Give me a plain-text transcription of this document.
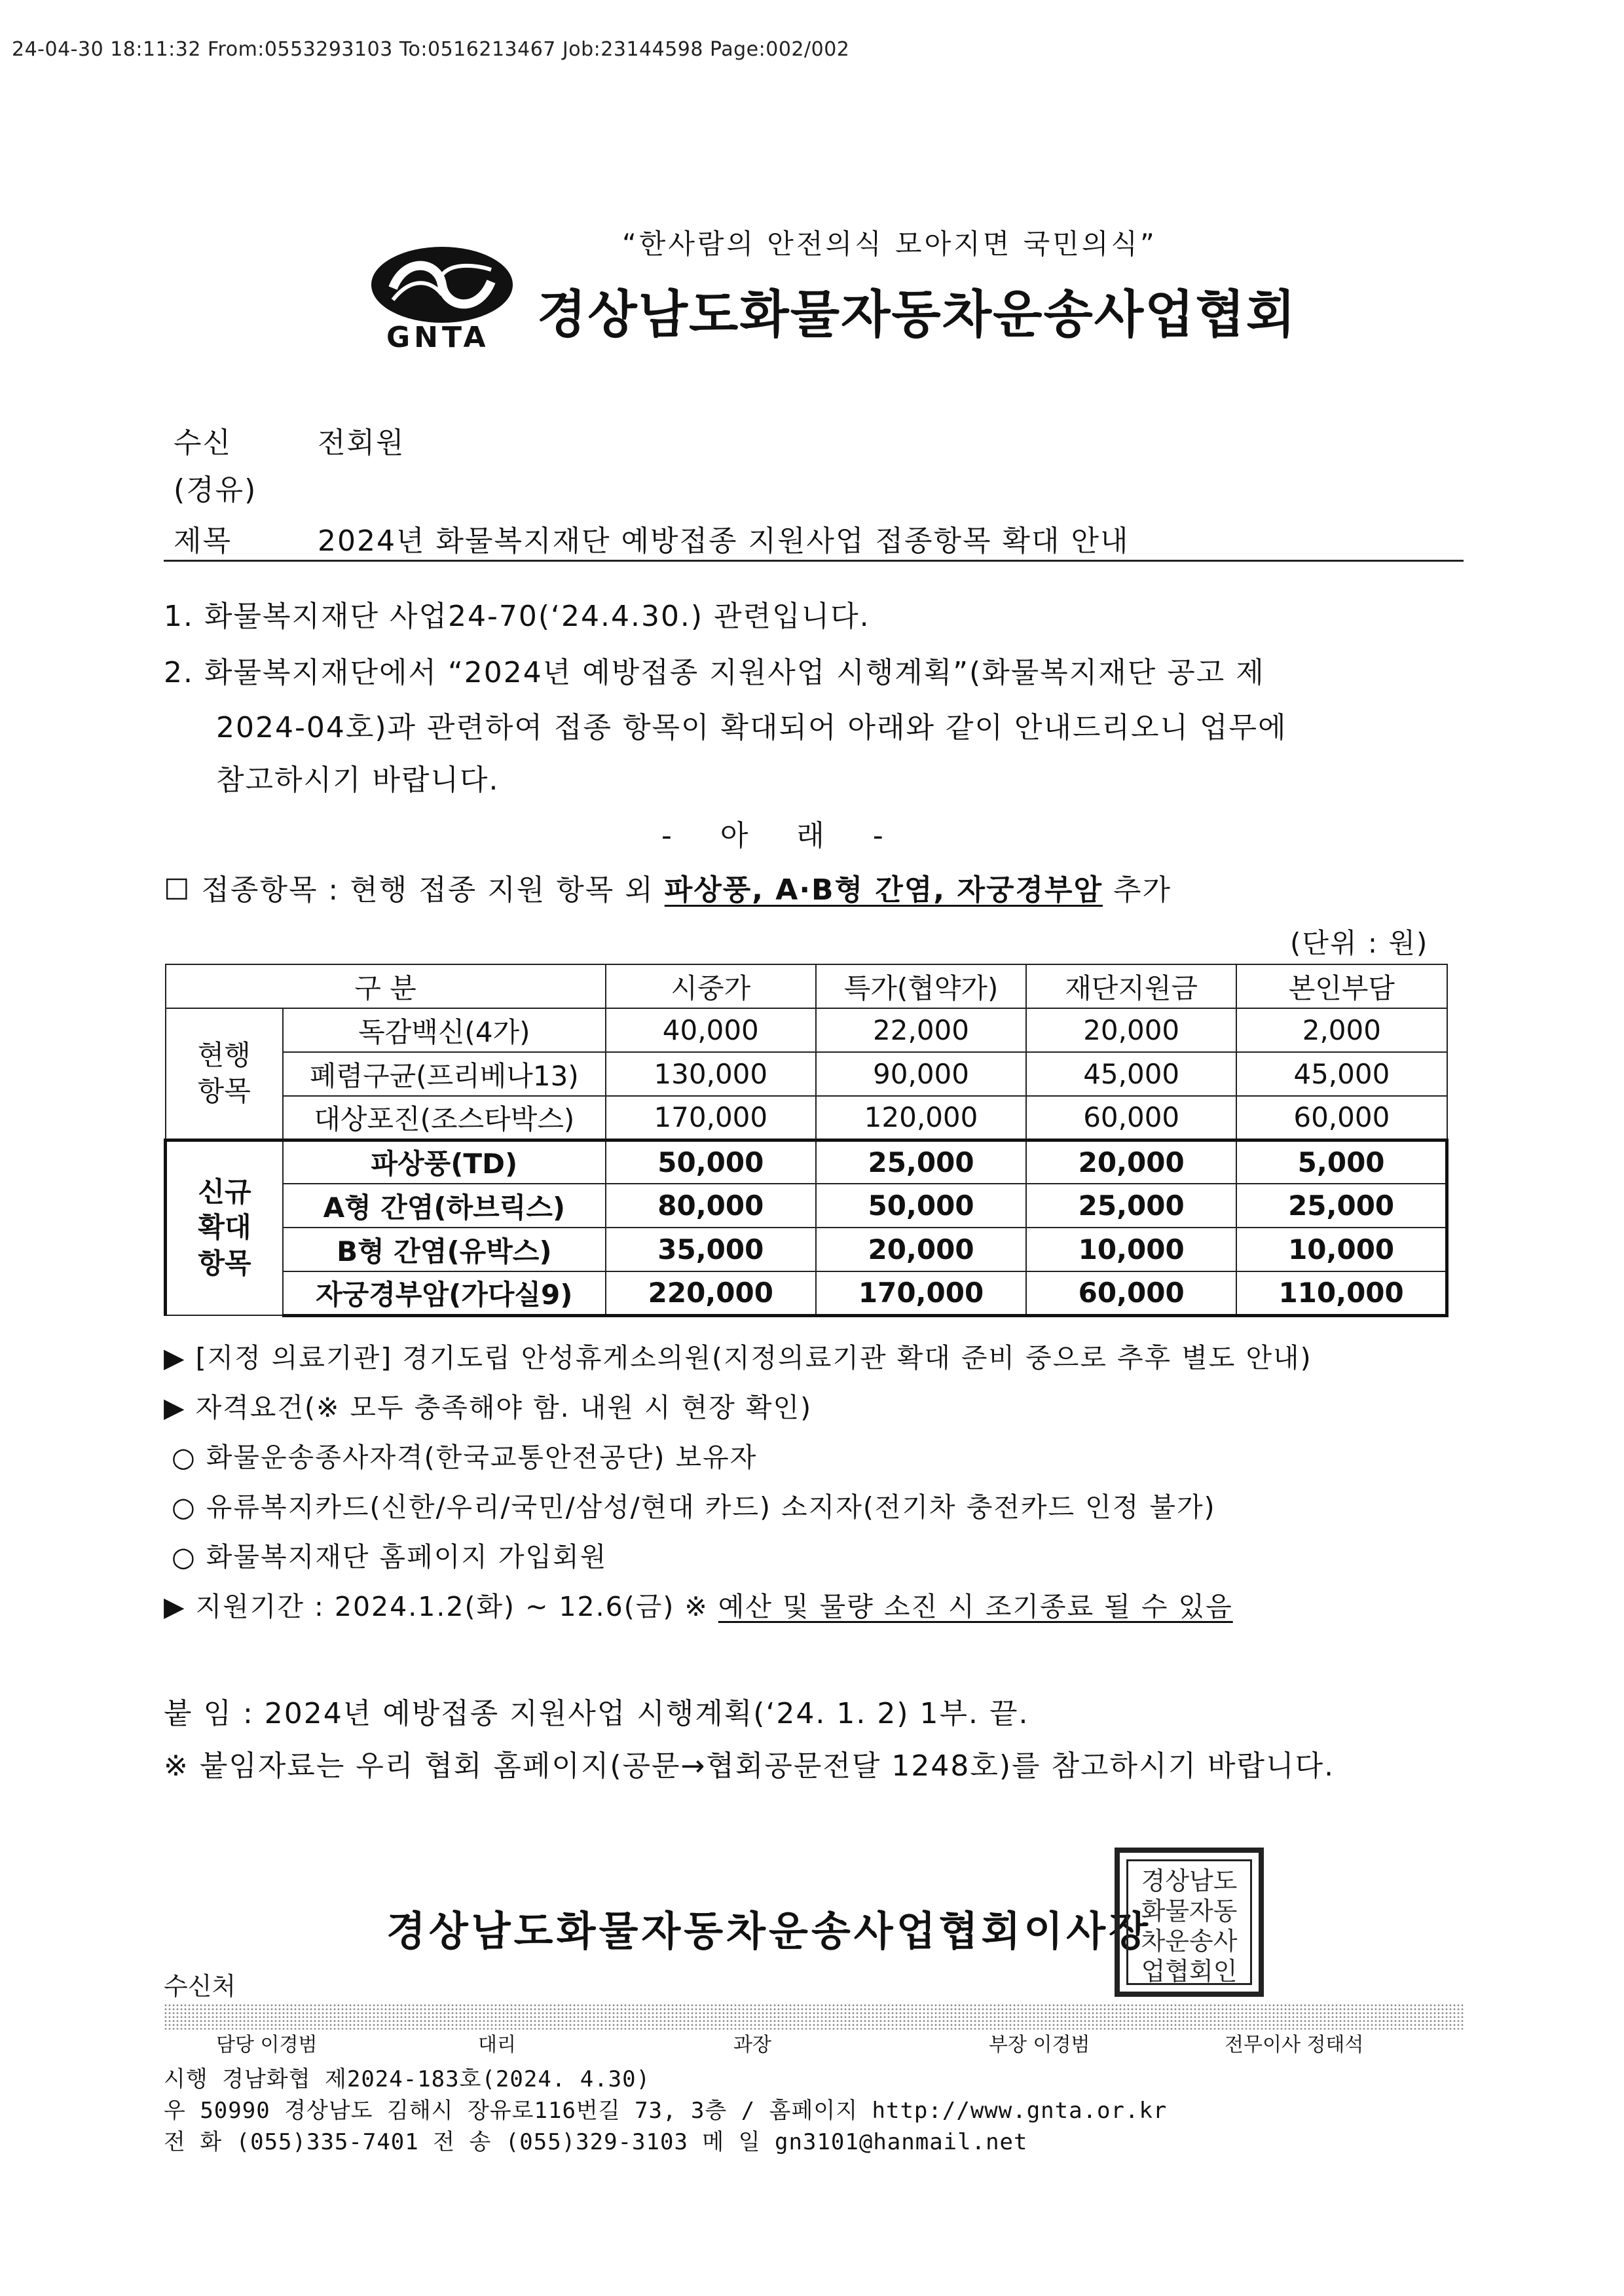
24-04-30 18:11:32 From:0553293103 To:0516213467 Job:23144598 Page:002/002
“한사람의 안전의식 모아지면 국민의식”
GNTA 경상남도화물자동차운송사업협회
수신	전회원
(경유)
제목	2024년 화물복지재단 예방접종 지원사업 접종항목 확대 안내
1. 화물복지재단 사업24-70(‘24.4.30.) 관련입니다.
2. 화물복지재단에서 “2024년 예방접종 지원사업 시행계획”(화물복지재단 공고 제
2024-04호)과 관련하여 접종 항목이 확대되어 아래와 같이 안내드리오니 업무에
참고하시기 바랍니다.
- 아 래 -
☐ 접종항목 : 현행 접종 지원 항목 외 파상풍, A·B형 간염, 자궁경부암 추가
(단위 : 원)
구 분		시중가	특가(협약가)	재단지원금	본인부담

현행 항목	독감백신(4가)	40,000	22,000	20,000	2,000
	폐렴구균(프리베나13)	130,000	90,000	45,000	45,000
	대상포진(조스타박스)	170,000	120,000	60,000	60,000

신규 확대 항목	파상풍(TD)	50,000	25,000	20,000	5,000
	A형 간염(하브릭스)	80,000	50,000	25,000	25,000
	B형 간염(유박스)	35,000	20,000	10,000	10,000
	자궁경부암(가다실9)	220,000	170,000	60,000	110,000
▶ [지정 의료기관] 경기도립 안성휴게소의원(지정의료기관 확대 준비 중으로 추후 별도 안내)
▶ 자격요건(※ 모두 충족해야 함. 내원 시 현장 확인)
○ 화물운송종사자격(한국교통안전공단) 보유자
○ 유류복지카드(신한/우리/국민/삼성/현대 카드) 소지자(전기차 충전카드 인정 불가)
○ 화물복지재단 홈페이지 가입회원
▶ 지원기간 : 2024.1.2(화) ~ 12.6(금) ※ 예산 및 물량 소진 시 조기종료 될 수 있음
붙 임 : 2024년 예방접종 지원사업 시행계획(‘24. 1. 2) 1부. 끝.
※ 붙임자료는 우리 협회 홈페이지(공문→협회공문전달 1248호)를 참고하시기 바랍니다.
경상남도화물자동차운송사업협회이사장
경상남도화물자동차운송사업협회인
수신처
담당 이경범	대리	과장	부장 이경범	전무이사 정태석
시행 경남화협 제2024-183호(2024. 4.30)
우 50990 경상남도 김해시 장유로116번길 73, 3층 / 홈페이지 http://www.gnta.or.kr
전 화 (055)335-7401 전 송 (055)329-3103 메 일 gn3101@hanmail.net
